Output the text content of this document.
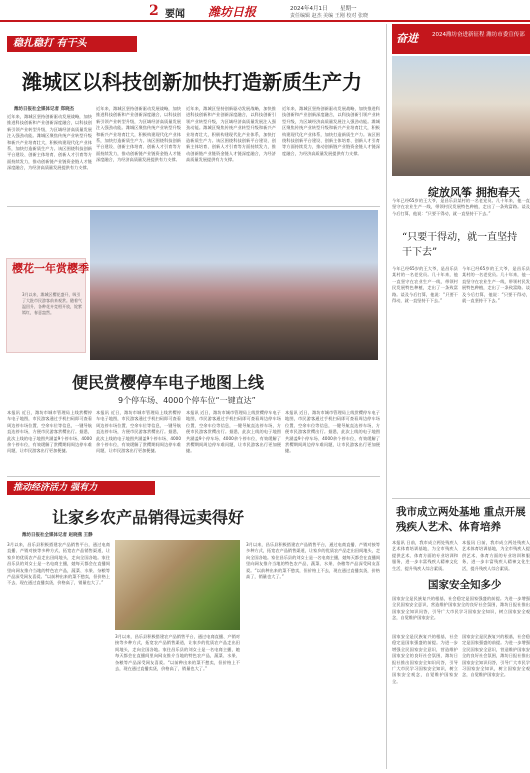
2 要闻 潍坊日报	2024年4月1日 星期一
责任编辑 赵杰 美编 王刚 校对 张晓
稳扎稳打 有干头
潍城区以科技创新加快打造新质生产力
潍坊日报社全媒体记者 郑晓杰
近年来，潍城区坚持创新驱动发展战略，加快推进科技创新和产业创新深度融合，以科技创新引领产业转型升级，为区域经济高质量发展注入强劲动能。潍城区聚焦传统产业转型升级和新兴产业培育壮大，积极构建现代化产业体系，加快打造新质生产力。该区围绕科技创新平台建设、创新主体培育、创新人才引育等方面持续发力，推动创新链产业链资金链人才链深度融合，为经济高质量发展提供有力支撑。
近年来，潍城区坚持创新驱动发展战略，加快推进科技创新和产业创新深度融合，以科技创新引领产业转型升级，为区域经济高质量发展注入强劲动能。潍城区聚焦传统产业转型升级和新兴产业培育壮大，积极构建现代化产业体系，加快打造新质生产力。该区围绕科技创新平台建设、创新主体培育、创新人才引育等方面持续发力，推动创新链产业链资金链人才链深度融合，为经济高质量发展提供有力支撑。
近年来，潍城区坚持创新驱动发展战略，加快推进科技创新和产业创新深度融合，以科技创新引领产业转型升级，为区域经济高质量发展注入强劲动能。潍城区聚焦传统产业转型升级和新兴产业培育壮大，积极构建现代化产业体系，加快打造新质生产力。该区围绕科技创新平台建设、创新主体培育、创新人才引育等方面持续发力，推动创新链产业链资金链人才链深度融合，为经济高质量发展提供有力支撑。
近年来，潍城区坚持创新驱动发展战略，加快推进科技创新和产业创新深度融合，以科技创新引领产业转型升级，为区域经济高质量发展注入强劲动能。潍城区聚焦传统产业转型升级和新兴产业培育壮大，积极构建现代化产业体系，加快打造新质生产力。该区围绕科技创新平台建设、创新主体培育、创新人才引育等方面持续发力，推动创新链产业链资金链人才链深度融合，为经济高质量发展提供有力支撑。
樱花一年赏樱季
3月以来，潍城区樱花盛开，吸引了大批市民游客前来观赏。随着气温回升，各种花卉竞相开放，姹紫嫣红，春意盎然。
便民赏樱停车电子地图上线
9个停车场、4000个停车位“一键直达”
本报讯 近日，潍坊市城市管理局上线赏樱停车电子地图，市民游客通过手机扫码即可查看周边停车场位置、空余车位等信息，一键导航直达停车场，方便市民游客赏樱出行。据悉，此次上线的电子地图共涵盖9个停车场、4000余个停车位，有效缓解了赏樱期间周边停车难问题，让市民游客出行更加便捷。
本报讯 近日，潍坊市城市管理局上线赏樱停车电子地图，市民游客通过手机扫码即可查看周边停车场位置、空余车位等信息，一键导航直达停车场，方便市民游客赏樱出行。据悉，此次上线的电子地图共涵盖9个停车场、4000余个停车位，有效缓解了赏樱期间周边停车难问题，让市民游客出行更加便捷。
本报讯 近日，潍坊市城市管理局上线赏樱停车电子地图，市民游客通过手机扫码即可查看周边停车场位置、空余车位等信息，一键导航直达停车场，方便市民游客赏樱出行。据悉，此次上线的电子地图共涵盖9个停车场、4000余个停车位，有效缓解了赏樱期间周边停车难问题，让市民游客出行更加便捷。
本报讯 近日，潍坊市城市管理局上线赏樱停车电子地图，市民游客通过手机扫码即可查看周边停车场位置、空余车位等信息，一键导航直达停车场，方便市民游客赏樱出行。据悉，此次上线的电子地图共涵盖9个停车场、4000余个停车位，有效缓解了赏樱期间周边停车难问题，让市民游客出行更加便捷。
推动经济活力 强有力
让家乡农产品销得远卖得好
潍坊日报社全媒体记者 赵晓燕 王静
3月以来，昌乐县积极搭建农产品销售平台，通过电商直播、产销对接等多种方式，拓宽农产品销售渠道，让家乡的优质农产品走出田间地头，走向全国各地。家住昌乐县的刘女士是一名电商主播，她每天都会在直播间里向网友推介当地的特色农产品，蔬菜、水果、杂粮等产品深受网友喜爱。“以前种出来的菜不愁卖，但价格上不去，现在通过直播卖货，价格高了，销量也大了。”
3月以来，昌乐县积极搭建农产品销售平台，通过电商直播、产销对接等多种方式，拓宽农产品销售渠道，让家乡的优质农产品走出田间地头，走向全国各地。家住昌乐县的刘女士是一名电商主播，她每天都会在直播间里向网友推介当地的特色农产品，蔬菜、水果、杂粮等产品深受网友喜爱。“以前种出来的菜不愁卖，但价格上不去，现在通过直播卖货，价格高了，销量也大了。”
3月以来，昌乐县积极搭建农产品销售平台，通过电商直播、产销对接等多种方式，拓宽农产品销售渠道，让家乡的优质农产品走出田间地头，走向全国各地。家住昌乐县的刘女士是一名电商主播，她每天都会在直播间里向网友推介当地的特色农产品，蔬菜、水果、杂粮等产品深受网友喜爱。“以前种出来的菜不愁卖，但价格上不去，现在通过直播卖货，价格高了，销量也大了。”
奋进	2024潍坊奋进新征程 潍坊市委宣传部
绽放风筝 拥抱春天
今年已经65岁的王大爷，是昌乐县某村的一名老党员。几十年来，他一直坚守在农业生产一线，带领村民发展特色种植，走出了一条致富路。谈及今后打算，他说：“只要干得动，就一直坚持干下去。”
“只要干得动，就一直坚持干下去”
今年已经65岁的王大爷，是昌乐县某村的一名老党员。几十年来，他一直坚守在农业生产一线，带领村民发展特色种植，走出了一条致富路。谈及今后打算，他说：“只要干得动，就一直坚持干下去。”
今年已经65岁的王大爷，是昌乐县某村的一名老党员。几十年来，他一直坚守在农业生产一线，带领村民发展特色种植，走出了一条致富路。谈及今后打算，他说：“只要干得动，就一直坚持干下去。”
我市成立两处基地 重点开展残疾人艺术、体育培养
本报讯 日前，我市成立两处残疾人艺术体育培训基地，为全市残疾人提供艺术、体育方面的专业培训和服务，进一步丰富残疾人精神文化生活，提升残疾人综合素质。
本报讯 日前，我市成立两处残疾人艺术体育培训基地，为全市残疾人提供艺术、体育方面的专业培训和服务，进一步丰富残疾人精神文化生活，提升残疾人综合素质。
国家安全知多少
国家安全是民族复兴的根基，社会稳定是国家强盛的前提。为进一步增强全民国家安全意识，营造维护国家安全的良好社会氛围，潍坊日报社推出国家安全知识问答，引导广大市民学习国家安全知识，树立国家安全观念，自觉维护国家安全。
国家安全是民族复兴的根基，社会稳定是国家强盛的前提。为进一步增强全民国家安全意识，营造维护国家安全的良好社会氛围，潍坊日报社推出国家安全知识问答，引导广大市民学习国家安全知识，树立国家安全观念，自觉维护国家安全。
国家安全是民族复兴的根基，社会稳定是国家强盛的前提。为进一步增强全民国家安全意识，营造维护国家安全的良好社会氛围，潍坊日报社推出国家安全知识问答，引导广大市民学习国家安全知识，树立国家安全观念，自觉维护国家安全。
